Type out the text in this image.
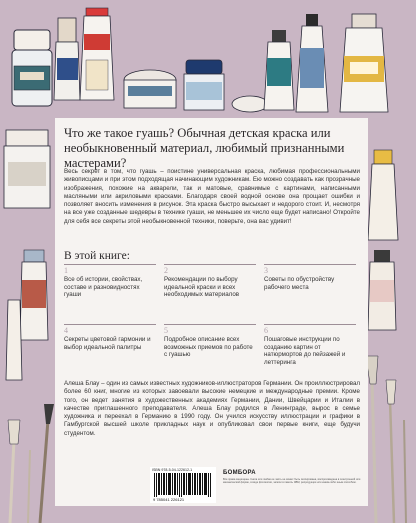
Что же такое гуашь? Обычная детская краска или необыкновенный материал, любимый признанными мастерами?
Весь секрет в том, что гуашь – поистине универсальная краска, любимая профессиональными живописцами и при этом подходящая начинающим художникам. Ею можно создавать как прозрачные изображения, похожие на акварели, так и матовые, сравнимые с картинами, написанными масляными или акриловыми красками. Благодаря своей водной основе она прощает ошибки и позволяет вносить изменения в рисунок. Эта краска быстро высыхает и недорого стоит. И, несмотря на все уже созданные шедевры в технике гуаши, не меньшее их число еще будет написано! Откройте для себя все секреты этой необыкновенной техники, поверьте, она вас удивит!
В этой книге:
1
Все об истории, свойствах, составе и разновидностях гуаши
2
Рекомендации по выбору идеальной краски и всех необходимых материалов
3
Советы по обустройству рабочего места
4
Секреты цветовой гармонии и выбор идеальной палитры
5
Подробное описание всех возможных приемов по работе с гуашью
6
Пошаговые инструкции по созданию картин от натюрмортов до пейзажей и леттеринга
Алеша Блау – один из самых известных художников-иллюстраторов Германии. Он проиллюстрировал более 60 книг, многие из которых завоевали высокие немецкие и международные премии. Кроме того, он ведет занятия в художественных академиях Германии, Дании, Швейцарии и Италии в качестве приглашенного преподавателя. Алеша Блау родился в Ленинграде, вырос в семье художника и переехал в Германию в 1990 году. Он учился искусству иллюстрации и графики в Гамбургской высшей школе прикладных наук и опубликовал свои первые книги, еще будучи студентом.
ISBN 978-5-04-122612-1
9 785041 226121
БОМБОРА
Все права защищены. Книга или любая ее часть не может быть скопирована, воспроизведена в электронной или механической форме, в виде фотокопии, записи в память ЭВМ, репродукции или каким-либо иным способом.
